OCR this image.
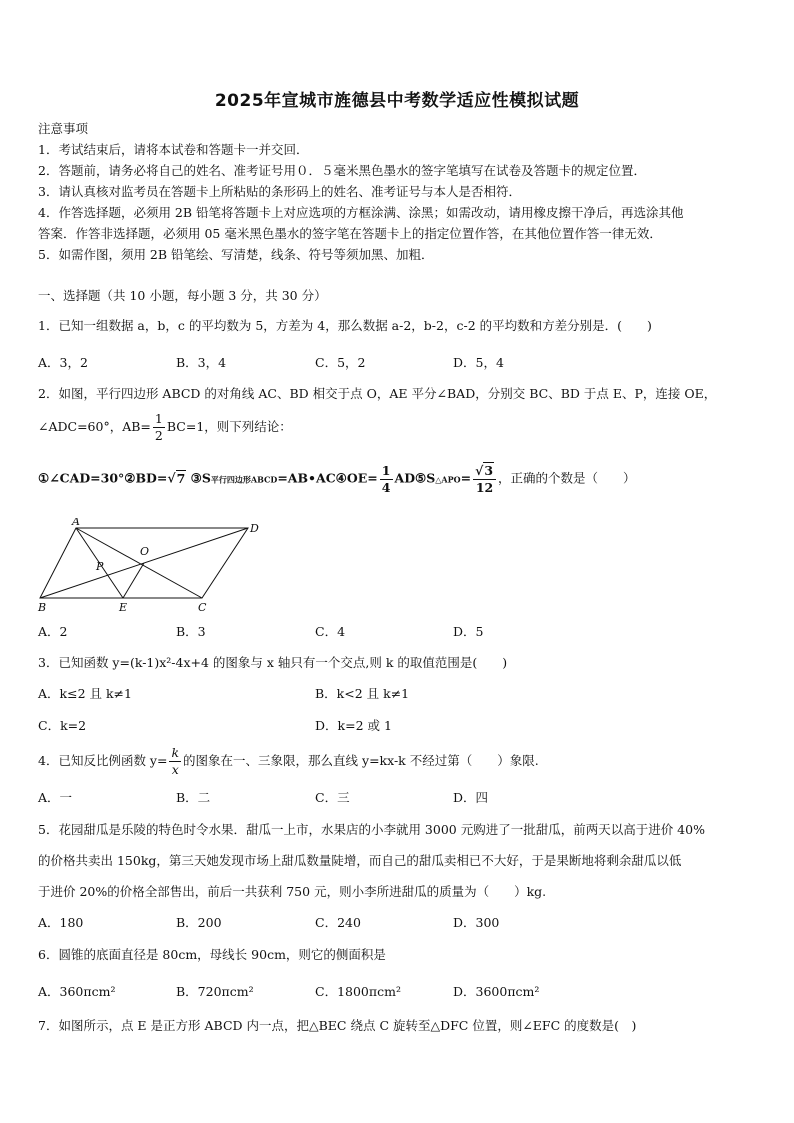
2025年宣城市旌德县中考数学适应性模拟试题
注意事项
1．考试结束后，请将本试卷和答题卡一并交回．
2．答题前，请务必将自己的姓名、准考证号用０．５毫米黑色墨水的签字笔填写在试卷及答题卡的规定位置．
3．请认真核对监考员在答题卡上所粘贴的条形码上的姓名、准考证号与本人是否相符．
4．作答选择题，必须用 2B 铅笔将答题卡上对应选项的方框涂满、涂黑；如需改动，请用橡皮擦干净后，再选涂其他
答案．作答非选择题，必须用 05 毫米黑色墨水的签字笔在答题卡上的指定位置作答，在其他位置作答一律无效．
5．如需作图，须用 2B 铅笔绘、写清楚，线条、符号等须加黑、加粗．
一、选择题（共 10 小题，每小题 3 分，共 30 分）
1．已知一组数据 a，b，c 的平均数为 5，方差为 4，那么数据 a-2，b-2，c-2 的平均数和方差分别是．(　　)
A．3，2	B．3，4	C．5，2	D．5，4
2．如图，平行四边形 ABCD 的对角线 AC、BD 相交于点 O，AE 平分∠BAD，分别交 BC、BD 于点 E、P，连接 OE，
∠ADC=60°，$AB= \frac{1}{2} BC=1$，则下列结论：
①∠CAD=30°②BD=√7 ③S平行四边形ABCD=AB•AC④OE= $\frac{1}{4}$ AD⑤S△APO= $\frac{√3}{12}$ ，正确的个数是（　　）
A
D
O
P
B	E	C
A．2	B．3	C．4	D．5
3．已知函数 y=(k-1)x²-4x+4 的图象与 x 轴只有一个交点,则 k 的取值范围是(　　)
A．k≤2 且 k≠1	B．k<2 且 k≠1
C．k=2	D．k=2 或 1
4．已知反比例函数 $y= \frac{k}{x}$ 的图象在一、三象限，那么直线 y=kx-k 不经过第（　　）象限.
A．一	B．二	C．三	D．四
5．花园甜瓜是乐陵的特色时令水果．甜瓜一上市，水果店的小李就用 3000 元购进了一批甜瓜，前两天以高于进价 40%
的价格共卖出 150kg，第三天她发现市场上甜瓜数量陡增，而自己的甜瓜卖相已不大好，于是果断地将剩余甜瓜以低
于进价 20%的价格全部售出，前后一共获利 750 元，则小李所进甜瓜的质量为（　　）kg.
A．180	B．200	C．240	D．300
6．圆锥的底面直径是 80cm，母线长 90cm，则它的侧面积是
A．360πcm²	B．720πcm²	C．1800πcm²	D．3600πcm²
7．如图所示，点 E 是正方形 ABCD 内一点，把△BEC 绕点 C 旋转至△DFC 位置，则∠EFC 的度数是(　)
